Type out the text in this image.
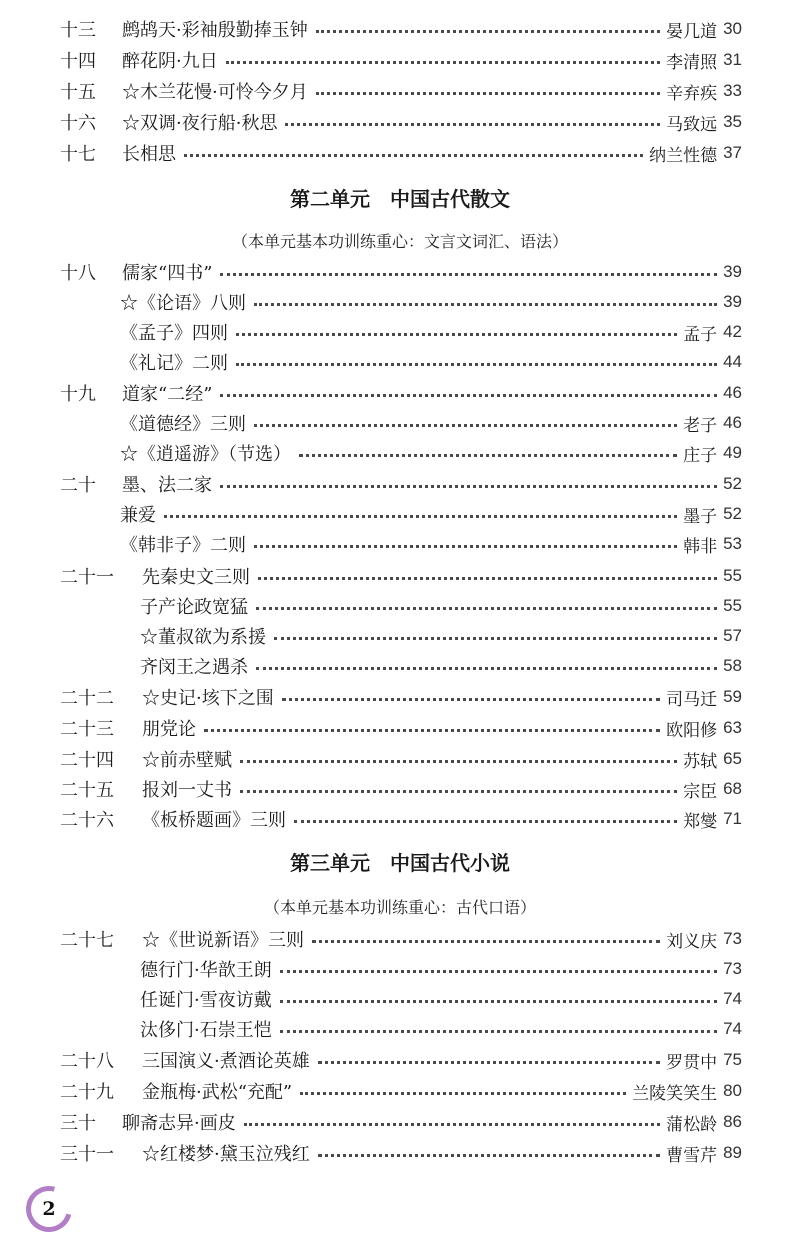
十三	鹧鸪天·彩袖殷勤捧玉钟	晏几道 30
十四	醉花阴·九日	李清照 31
十五	☆木兰花慢·可怜今夕月	辛弃疾 33
十六	☆双调·夜行船·秋思	马致远 35
十七	长相思	纳兰性德 37
十八	儒家“四书”	39
☆《论语》八则	39
《孟子》四则	孟子 42
《礼记》二则	44
十九	道家“二经”	46
《道德经》三则	老子 46
☆《逍遥游》（节选）	庄子 49
二十	墨、法二家	52
兼爱	墨子 52
《韩非子》二则	韩非 53
二十一	先秦史文三则	55
子产论政宽猛	55
☆董叔欲为系援	57
齐闵王之遇杀	58
二十二	☆史记·垓下之围	司马迁 59
二十三	朋党论	欧阳修 63
二十四	☆前赤壁赋	苏轼 65
二十五	报刘一丈书	宗臣 68
二十六	《板桥题画》三则	郑燮 71
二十七	☆《世说新语》三则	刘义庆 73
德行门·华歆王朗	73
任诞门·雪夜访戴	74
汰侈门·石崇王恺	74
二十八	三国演义·煮酒论英雄	罗贯中 75
二十九	金瓶梅·武松“充配”	兰陵笑笑生 80
三十	聊斋志异·画皮	蒲松龄 86
三十一	☆红楼梦·黛玉泣残红	曹雪芹 89
第二单元　中国古代散文
（本单元基本功训练重心：文言文词汇、语法）
第三单元　中国古代小说
（本单元基本功训练重心：古代口语）
2
